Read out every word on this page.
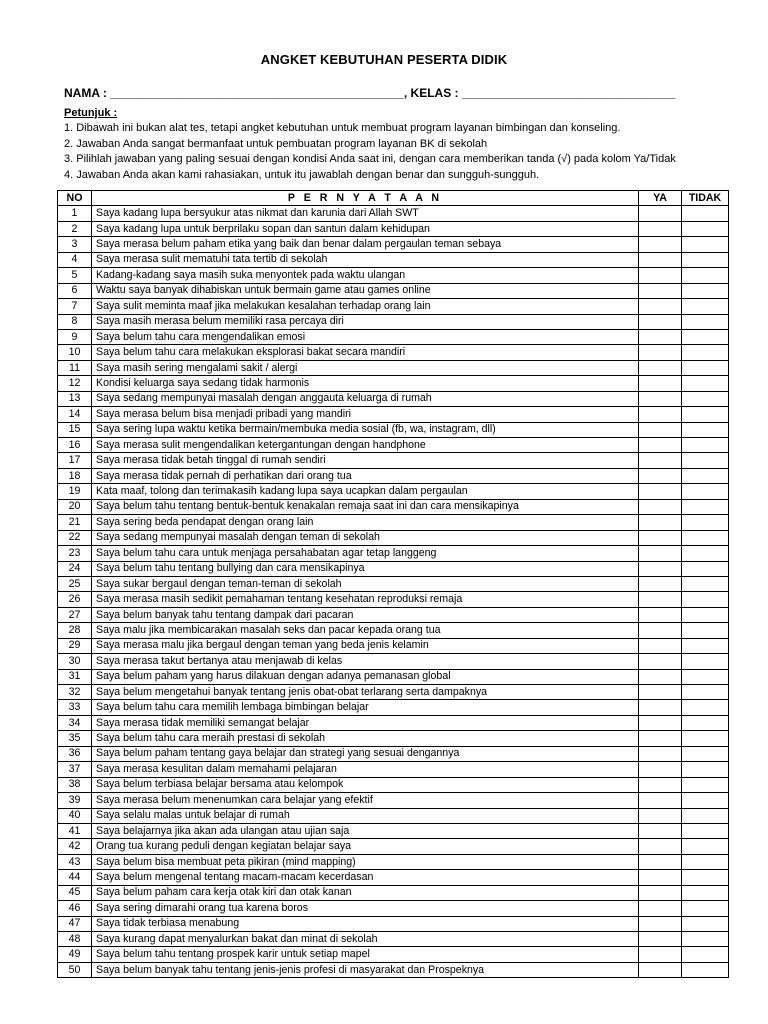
ANGKET KEBUTUHAN PESERTA DIDIK
NAMA : ____________________________________________, KELAS : ________________________________
Petunjuk :
1. Dibawah ini bukan alat tes, tetapi angket kebutuhan untuk membuat program layanan bimbingan dan konseling.
2. Jawaban Anda sangat bermanfaat untuk pembuatan program layanan BK di sekolah
3. Pilihlah jawaban yang paling sesuai dengan kondisi Anda saat ini, dengan cara memberikan tanda (√) pada kolom Ya/Tidak
4. Jawaban Anda akan kami rahasiakan, untuk itu jawablah dengan benar dan sungguh-sungguh.
NO	P E R N Y A T A A N	YA	TIDAK
1	Saya kadang lupa bersyukur atas nikmat dan karunia dari Allah SWT		
2	Saya kadang lupa untuk berprilaku sopan dan santun dalam kehidupan		
3	Saya merasa belum paham etika yang baik dan benar dalam pergaulan teman sebaya		
4	Saya merasa sulit mematuhi tata tertib di sekolah		
5	Kadang-kadang saya masih suka menyontek pada waktu ulangan		
6	Waktu saya banyak dihabiskan untuk bermain game atau games online		
7	Saya sulit meminta maaf jika melakukan kesalahan terhadap orang lain		
8	Saya masih merasa belum memiliki rasa percaya diri		
9	Saya belum tahu cara mengendalikan emosi		
10	Saya belum tahu cara melakukan eksplorasi bakat secara mandiri		
11	Saya masih sering mengalami sakit / alergi		
12	Kondisi keluarga saya sedang tidak harmonis		
13	Saya sedang mempunyai masalah dengan anggauta keluarga di rumah		
14	Saya merasa belum bisa menjadi pribadi yang mandiri		
15	Saya sering lupa waktu ketika bermain/membuka media sosial (fb, wa, instagram, dll)		
16	Saya merasa sulit mengendalikan ketergantungan dengan handphone		
17	Saya merasa tidak betah tinggal di rumah sendiri		
18	Saya merasa tidak pernah di perhatikan dari orang tua		
19	Kata maaf, tolong dan terimakasih kadang lupa saya ucapkan dalam pergaulan		
20	Saya belum tahu tentang bentuk-bentuk kenakalan remaja saat ini dan cara mensikapinya		
21	Saya sering beda pendapat dengan orang lain		
22	Saya sedang mempunyai masalah dengan teman di sekolah		
23	Saya belum tahu cara untuk menjaga persahabatan agar tetap langgeng		
24	Saya belum tahu tentang bullying dan cara mensikapinya		
25	Saya sukar bergaul dengan teman-teman di sekolah		
26	Saya merasa masih sedikit pemahaman tentang kesehatan reproduksi remaja		
27	Saya belum banyak tahu tentang dampak dari pacaran		
28	Saya malu jika membicarakan masalah seks dan pacar kepada orang tua		
29	Saya merasa malu jika bergaul dengan teman yang beda jenis kelamin		
30	Saya merasa takut bertanya atau menjawab di kelas		
31	Saya belum paham yang harus dilakuan dengan adanya pemanasan global		
32	Saya belum mengetahui banyak tentang jenis obat-obat terlarang serta dampaknya		
33	Saya belum tahu cara memilih lembaga bimbingan belajar		
34	Saya merasa tidak memiliki semangat belajar		
35	Saya belum tahu cara meraih prestasi di sekolah		
36	Saya belum paham tentang gaya belajar dan strategi yang sesuai dengannya		
37	Saya merasa kesulitan dalam memahami pelajaran		
38	Saya belum terbiasa belajar bersama atau kelompok		
39	Saya merasa belum menenumkan cara belajar yang efektif		
40	Saya selalu malas untuk belajar di rumah		
41	Saya belajarnya jika akan ada ulangan atau ujian saja		
42	Orang tua kurang peduli dengan kegiatan belajar saya		
43	Saya belum bisa membuat peta pikiran (mind mapping)		
44	Saya belum mengenal tentang macam-macam kecerdasan		
45	Saya belum paham cara kerja otak kiri dan otak kanan		
46	Saya sering dimarahi orang tua karena boros		
47	Saya tidak terbiasa menabung		
48	Saya kurang dapat menyalurkan bakat dan minat di sekolah		
49	Saya belum tahu tentang prospek karir untuk setiap mapel		
50	Saya belum banyak tahu tentang jenis-jenis profesi di masyarakat dan Prospeknya		
